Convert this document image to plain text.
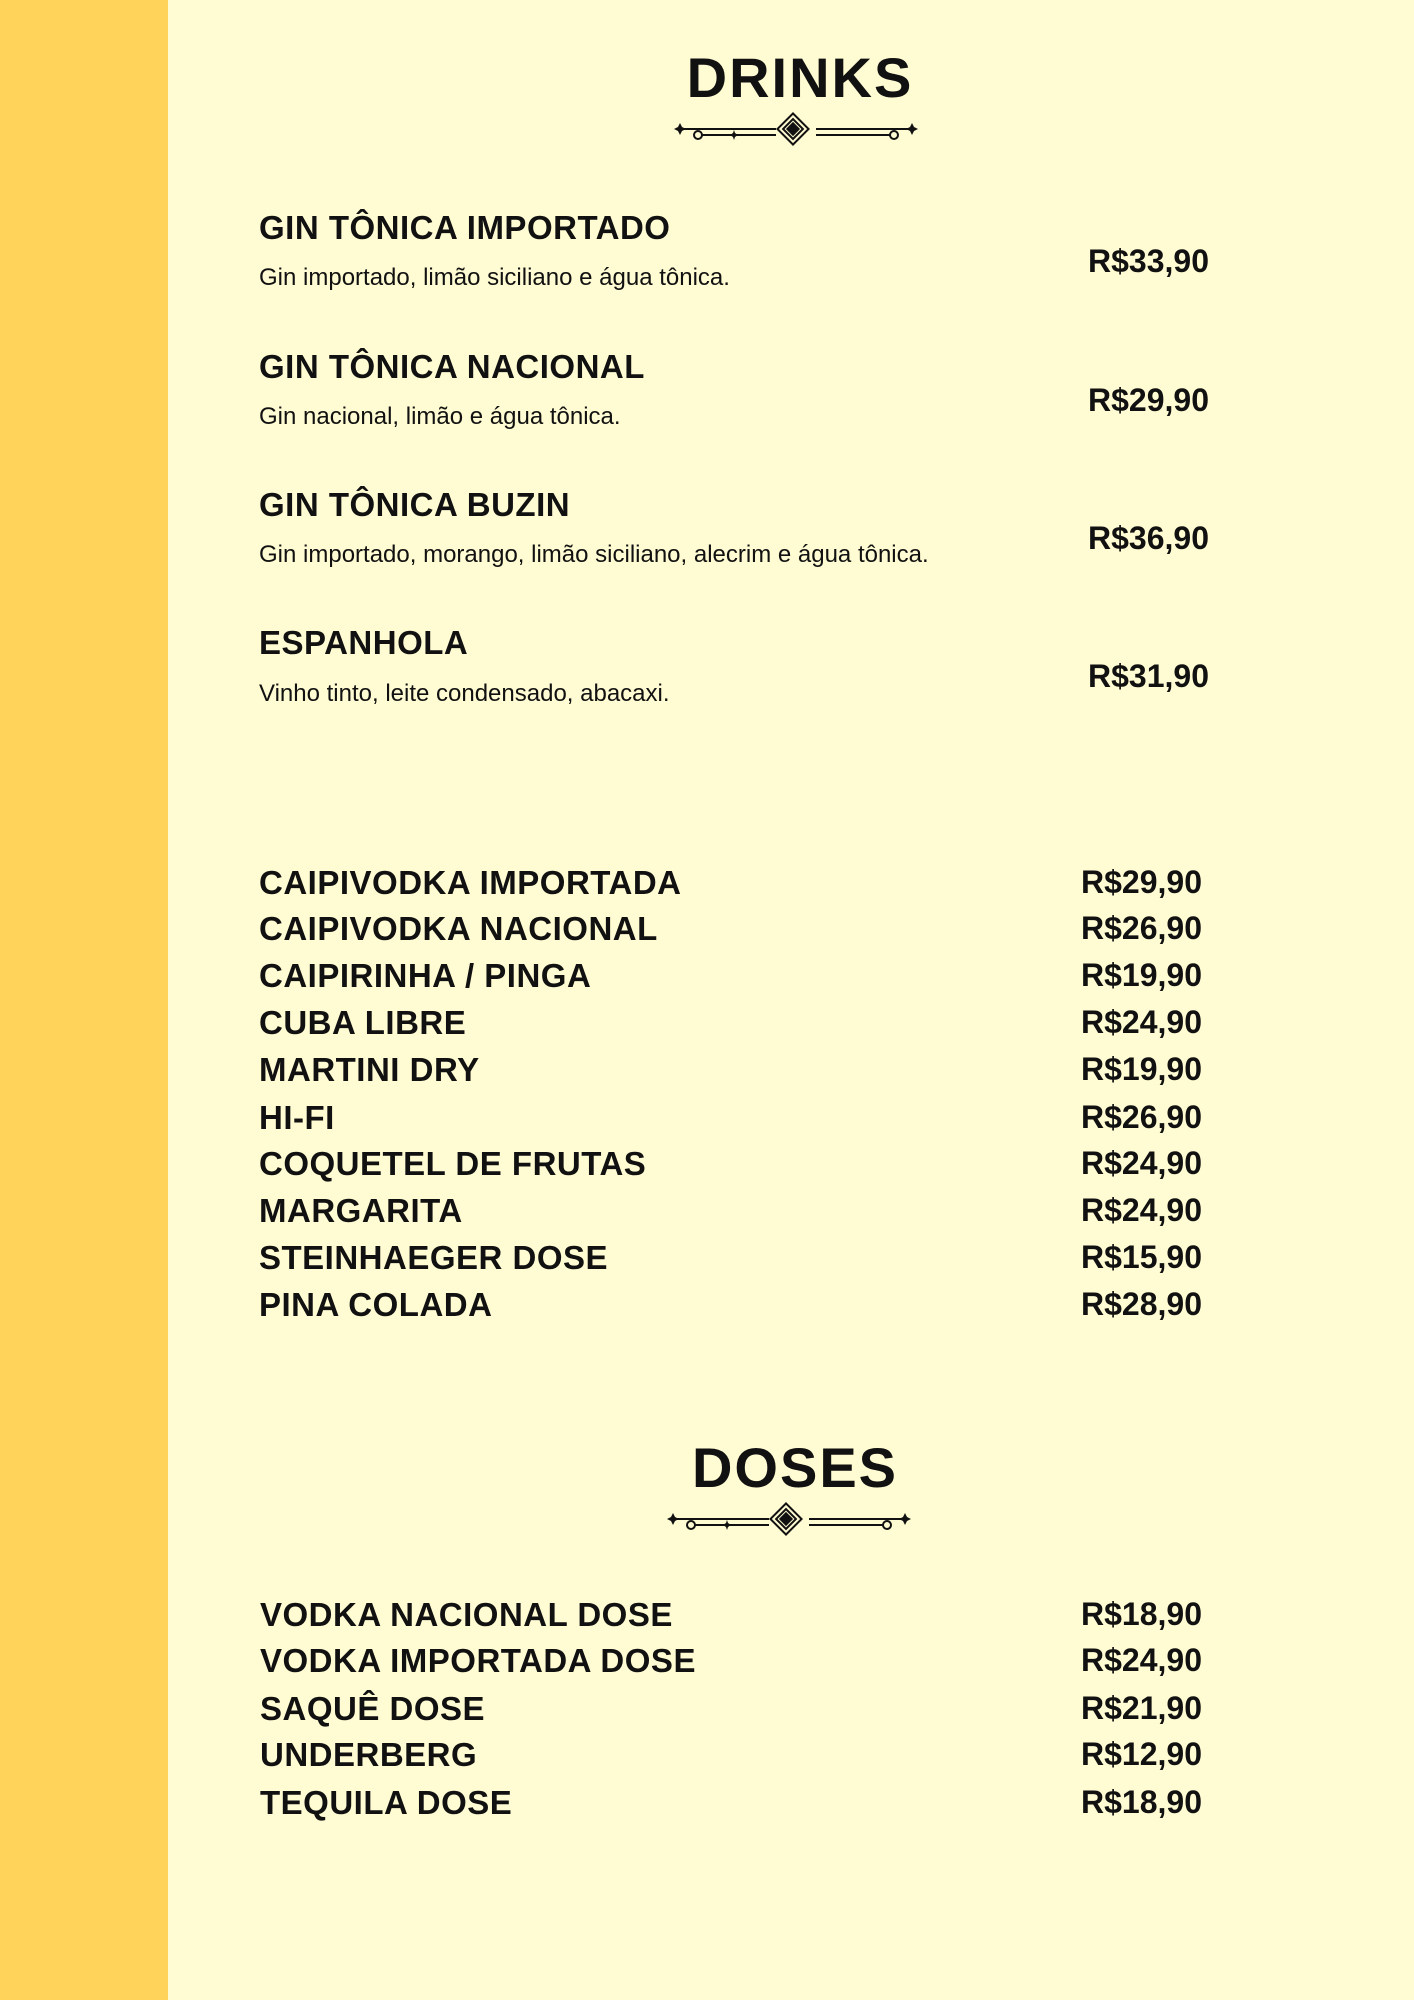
DRINKS
GIN TÔNICA IMPORTADO
Gin importado, limão siciliano e água tônica.	R$33,90
GIN TÔNICA NACIONAL
Gin nacional, limão e água tônica.	R$29,90
GIN TÔNICA BUZIN
Gin importado, morango, limão siciliano, alecrim e água tônica.	R$36,90
ESPANHOLA
Vinho tinto, leite condensado, abacaxi.	R$31,90
CAIPIVODKA IMPORTADA	R$29,90
CAIPIVODKA NACIONAL	R$26,90
CAIPIRINHA / PINGA	R$19,90
CUBA LIBRE	R$24,90
MARTINI DRY	R$19,90
HI-FI	R$26,90
COQUETEL DE FRUTAS	R$24,90
MARGARITA	R$24,90
STEINHAEGER DOSE	R$15,90
PINA COLADA	R$28,90
DOSES
VODKA NACIONAL DOSE	R$18,90
VODKA IMPORTADA DOSE	R$24,90
SAQUÊ DOSE	R$21,90
UNDERBERG	R$12,90
TEQUILA DOSE	R$18,90
